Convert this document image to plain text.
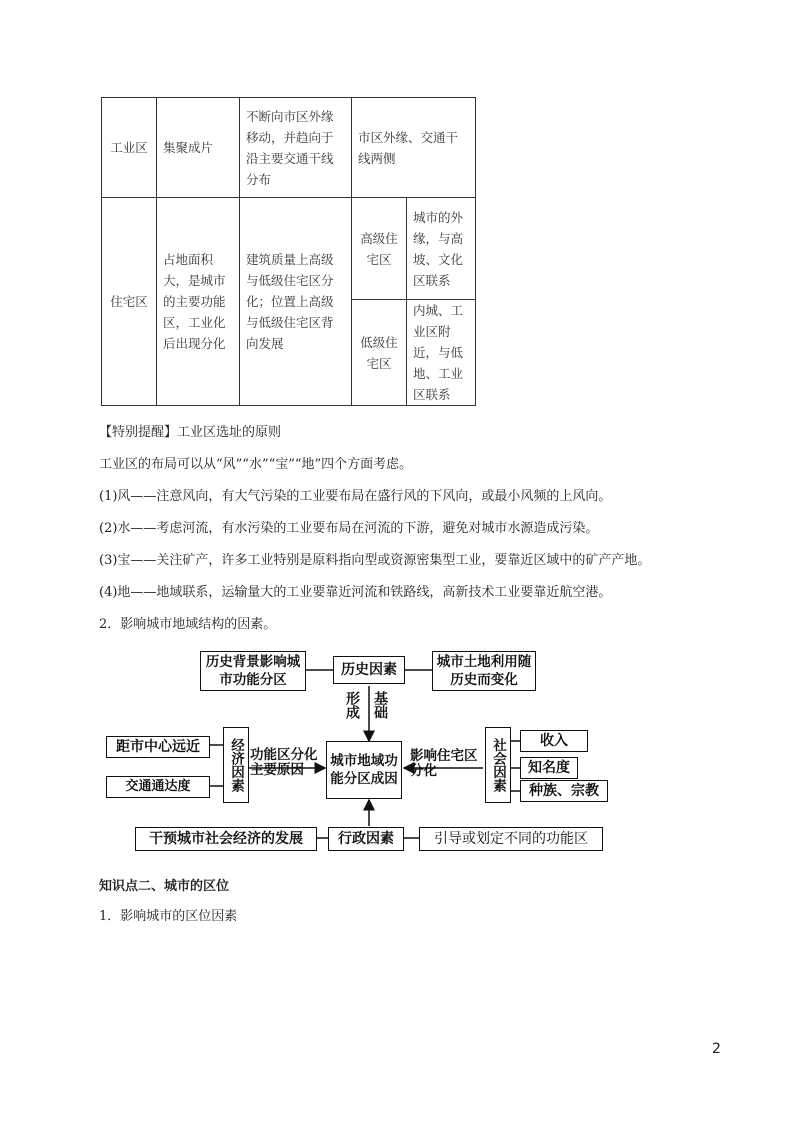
工业区	集聚成片	不断向市区外缘移动，并趋向于沿主要交通干线分布	市区外缘、交通干线两侧	
住宅区	占地面积大，是城市的主要功能区，工业化后出现分化	建筑质量上高级与低级住宅区分化；位置上高级与低级住宅区背向发展	高级住宅区	城市的外缘，与高坡、文化区联系
			低级住宅区	内城、工业区附近，与低地、工业区联系
【特别提醒】工业区选址的原则
工业区的布局可以从“风”“水”“宝”“地”四个方面考虑。
(1)风——注意风向，有大气污染的工业要布局在盛行风的下风向，或最小风频的上风向。
(2)水——考虑河流，有水污染的工业要布局在河流的下游，避免对城市水源造成污染。
(3)宝——关注矿产，许多工业特别是原料指向型或资源密集型工业，要靠近区域中的矿产产地。
(4)地——地域联系，运输量大的工业要靠近河流和铁路线，高新技术工业要靠近航空港。
2．影响城市地域结构的因素。
历史背景影响城市功能分区
历史因素	城市土地利用随历史而变化
形成 基础
城市地域功能分区成因
距市中心远近
交通通达度	经济因素 功能区分化主要原因
影响住宅区分化	社会因素	收入
知名度
种族、宗教
干预城市社会经济的发展	行政因素	引导或划定不同的功能区
知识点二、城市的区位
1．影响城市的区位因素
2
